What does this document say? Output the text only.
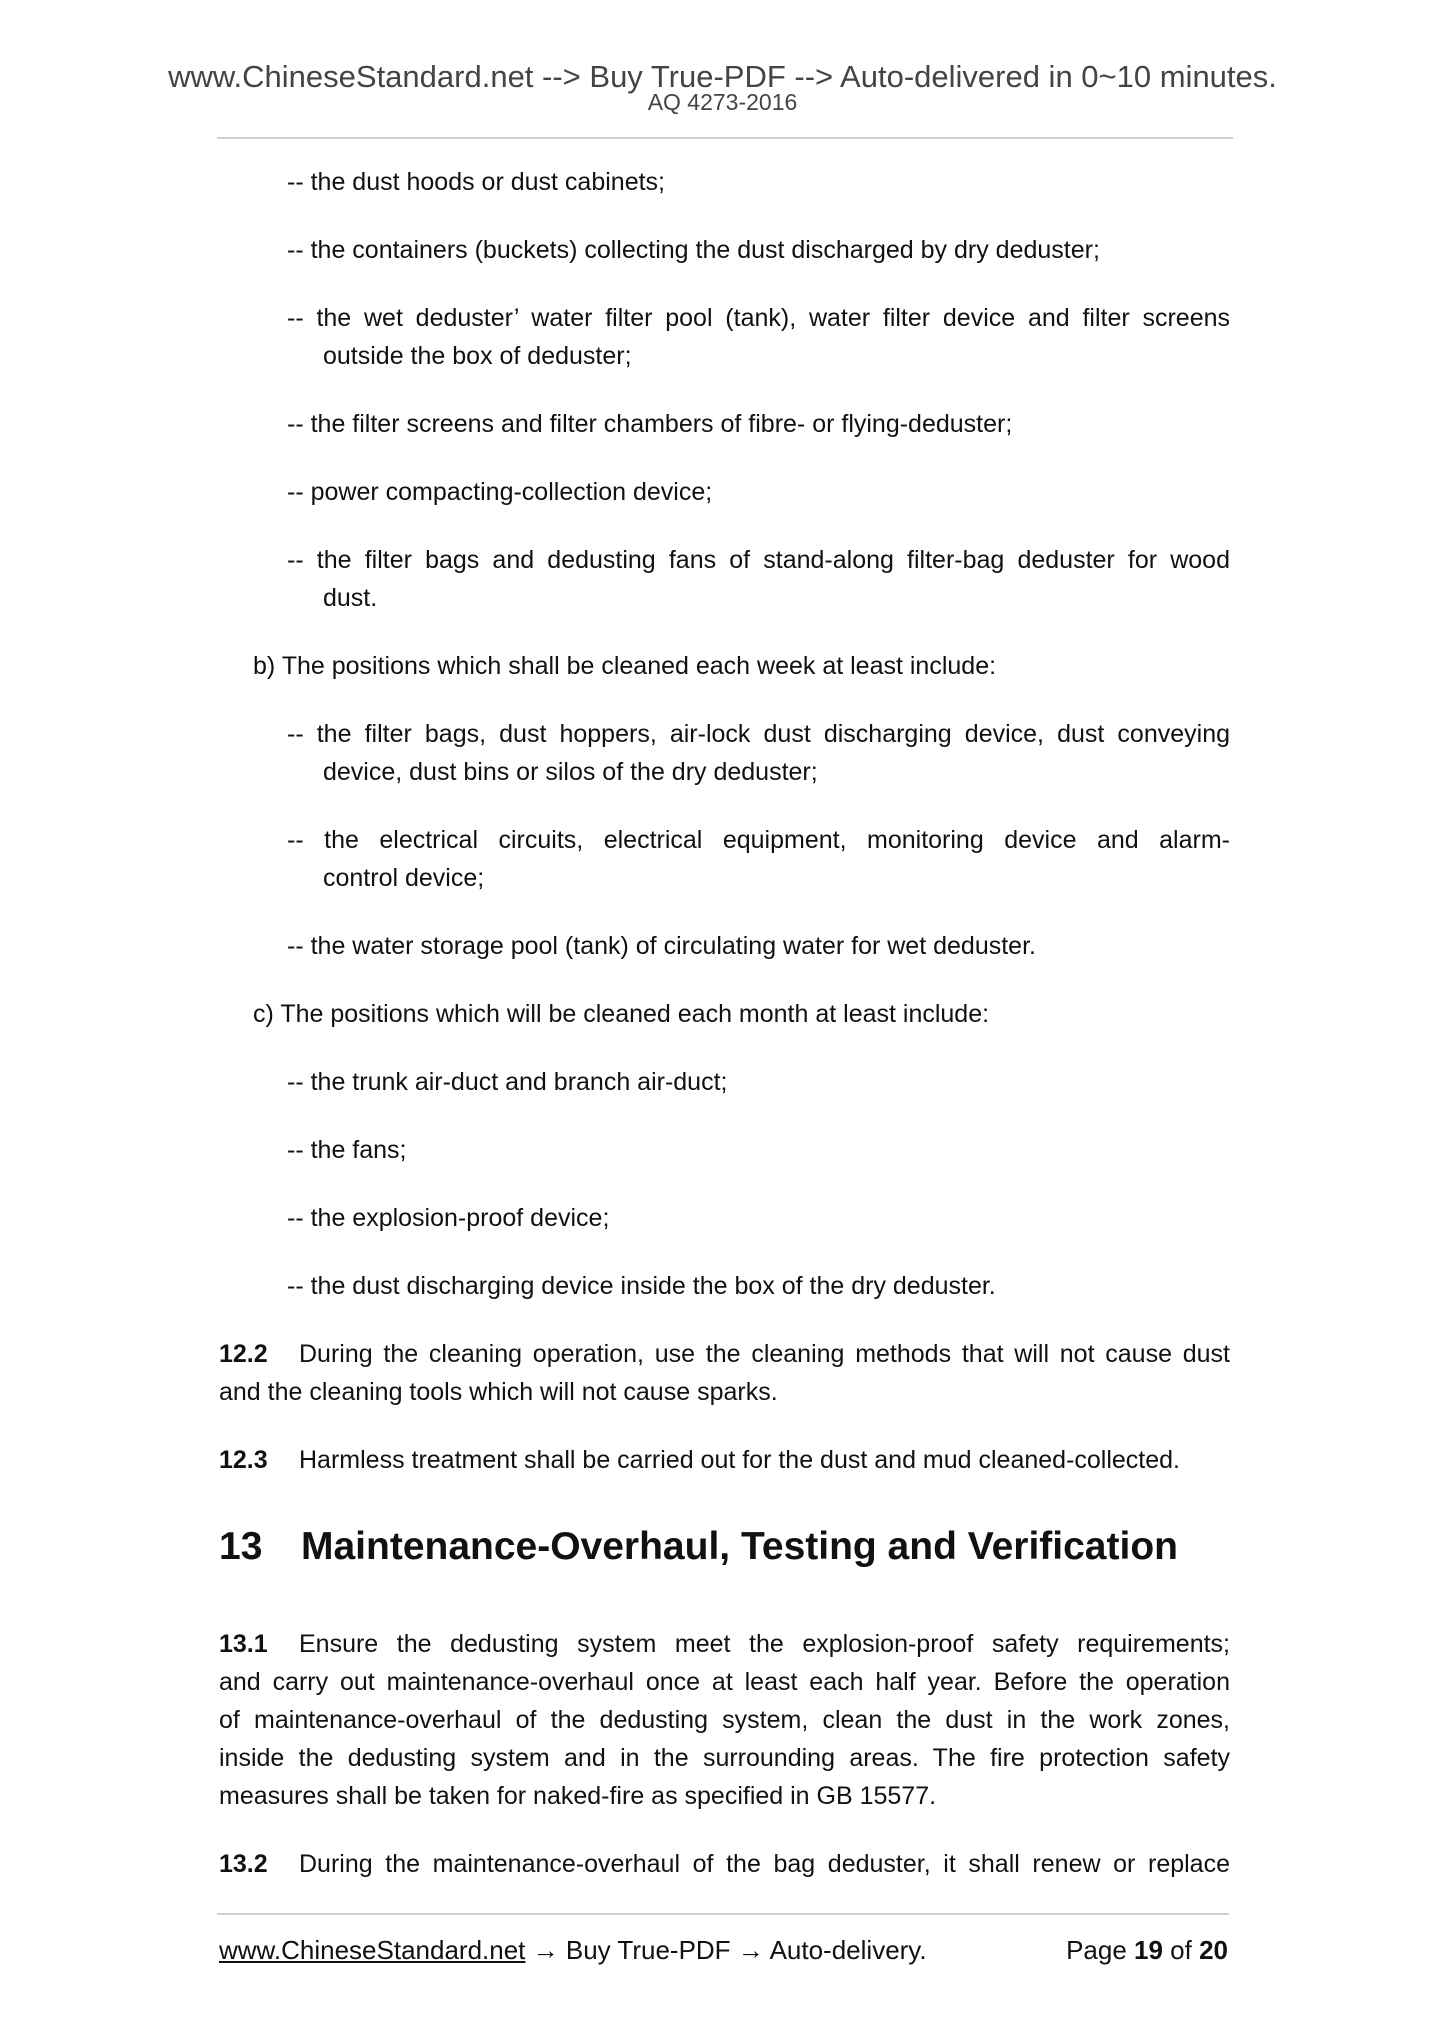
www.ChineseStandard.net --> Buy True-PDF --> Auto-delivered in 0~10 minutes.
AQ 4273-2016
-- the dust hoods or dust cabinets;
-- the containers (buckets) collecting the dust discharged by dry deduster;
-- the wet deduster’ water filter pool (tank), water filter device and filter screens
outside the box of deduster;
-- the filter screens and filter chambers of fibre- or flying-deduster;
-- power compacting-collection device;
-- the filter bags and dedusting fans of stand-along filter-bag deduster for wood
dust.
b) The positions which shall be cleaned each week at least include:
-- the filter bags, dust hoppers, air-lock dust discharging device, dust conveying
device, dust bins or silos of the dry deduster;
-- the electrical circuits, electrical equipment, monitoring device and alarm-
control device;
-- the water storage pool (tank) of circulating water for wet deduster.
c) The positions which will be cleaned each month at least include:
-- the trunk air-duct and branch air-duct;
-- the fans;
-- the explosion-proof device;
-- the dust discharging device inside the box of the dry deduster.
12.2 During the cleaning operation, use the cleaning methods that will not cause dust
and the cleaning tools which will not cause sparks.
12.3 Harmless treatment shall be carried out for the dust and mud cleaned-collected.
13 Maintenance-Overhaul, Testing and Verification
13.1 Ensure the dedusting system meet the explosion-proof safety requirements;
and carry out maintenance-overhaul once at least each half year. Before the operation
of maintenance-overhaul of the dedusting system, clean the dust in the work zones,
inside the dedusting system and in the surrounding areas. The fire protection safety
measures shall be taken for naked-fire as specified in GB 15577.
13.2 During the maintenance-overhaul of the bag deduster, it shall renew or replace
www.ChineseStandard.net → Buy True-PDF → Auto-delivery.	Page 19 of 20
